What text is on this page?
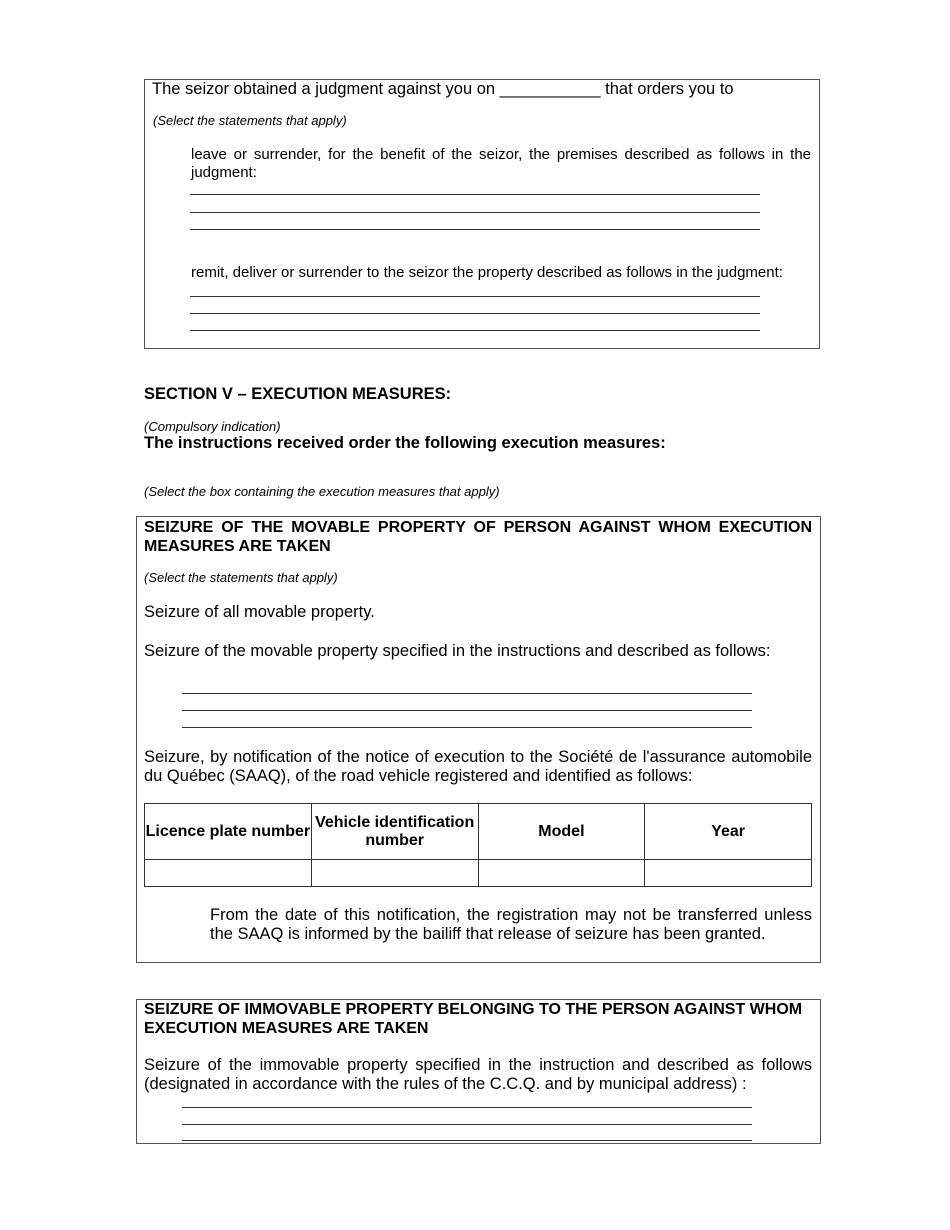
The seizor obtained a judgment against you on ___________ that orders you to
(Select the statements that apply)
leave or surrender, for the benefit of the seizor, the premises described as follows in the judgment:
remit, deliver or surrender to the seizor the property described as follows in the judgment:
SECTION V – EXECUTION MEASURES:
(Compulsory indication)
The instructions received order the following execution measures:
(Select the box containing the execution measures that apply)
SEIZURE OF THE MOVABLE PROPERTY OF PERSON AGAINST WHOM EXECUTION MEASURES ARE TAKEN
(Select the statements that apply)
Seizure of all movable property.
Seizure of the movable property specified in the instructions and described as follows:
Seizure, by notification of the notice of execution to the Société de l'assurance automobile du Québec (SAAQ), of the road vehicle registered and identified as follows:
Licence plate number	Vehicle identification number	Model	Year

From the date of this notification, the registration may not be transferred unless the SAAQ is informed by the bailiff that release of seizure has been granted.
SEIZURE OF IMMOVABLE PROPERTY BELONGING TO THE PERSON AGAINST WHOM EXECUTION MEASURES ARE TAKEN
Seizure of the immovable property specified in the instruction and described as follows (designated in accordance with the rules of the C.C.Q. and by municipal address) :
